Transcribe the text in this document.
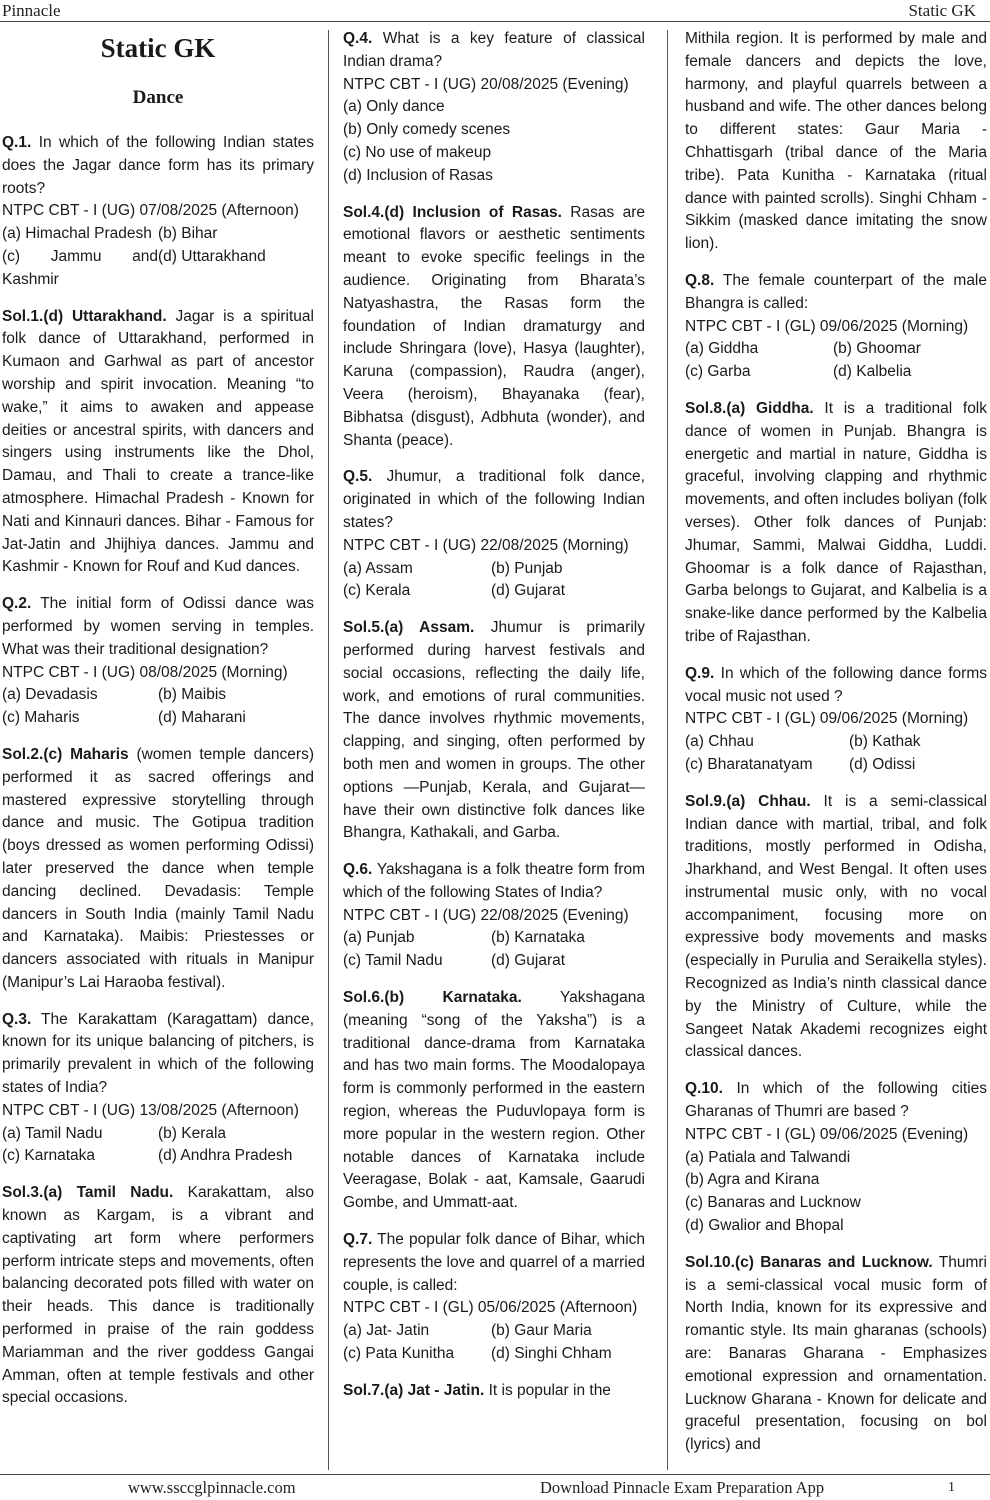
Pinnacle	Static GK
Static GK
Dance

Q.1. In which of the following Indian states does the Jagar dance form has its primary roots?

NTPC CBT - I (UG) 07/08/2025 (Afternoon)

(a) Himachal Pradesh (b) Bihar
(c) Jammu and Kashmir
(d) Uttarakhand

Sol.1.(d) Uttarakhand. Jagar is a spiritual folk dance of Uttarakhand, performed in Kumaon and Garhwal as part of ancestor worship and spirit invocation. Meaning “to wake,” it aims to awaken and appease deities or ancestral spirits, with dancers and singers using instruments like the Dhol, Damau, and Thali to create a trance-like atmosphere. Himachal Pradesh - Known for Nati and Kinnauri dances. Bihar - Famous for Jat-Jatin and Jhijhiya dances. Jammu and Kashmir - Known for Rouf and Kud dances.

Q.2. The initial form of Odissi dance was performed by women serving in temples. What was their traditional designation?

NTPC CBT - I (UG) 08/08/2025 (Morning)

(a) Devadasis	(b) Maibis
(c) Maharis	(d) Maharani

Sol.2.(c) Maharis (women temple dancers) performed it as sacred offerings and mastered expressive storytelling through dance and music. The Gotipua tradition (boys dressed as women performing Odissi) later preserved the dance when temple dancing declined. Devadasis: Temple dancers in South India (mainly Tamil Nadu and Karnataka). Maibis: Priestesses or dancers associated with rituals in Manipur (Manipur’s Lai Haraoba festival).

Q.3. The Karakattam (Karagattam) dance, known for its unique balancing of pitchers, is primarily prevalent in which of the following states of India?

NTPC CBT - I (UG) 13/08/2025 (Afternoon)

(a) Tamil Nadu	(b) Kerala
(c) Karnataka	(d) Andhra Pradesh

Sol.3.(a) Tamil Nadu. Karakattam, also known as Kargam, is a vibrant and captivating art form where performers perform intricate steps and movements, often balancing decorated pots filled with water on their heads. This dance is traditionally performed in praise of the rain goddess Mariamman and the river goddess Gangai Amman, often at temple festivals and other special occasions.

Q.4. What is a key feature of classical Indian drama?

NTPC CBT - I (UG) 20/08/2025 (Evening)

(a) Only dance
(b) Only comedy scenes
(c) No use of makeup
(d) Inclusion of Rasas

Sol.4.(d) Inclusion of Rasas. Rasas are emotional flavors or aesthetic sentiments meant to evoke specific feelings in the audience. Originating from Bharata’s Natyashastra, the Rasas form the foundation of Indian dramaturgy and include Shringara (love), Hasya (laughter), Karuna (compassion), Raudra (anger), Veera (heroism), Bhayanaka (fear), Bibhatsa (disgust), Adbhuta (wonder), and Shanta (peace).

Q.5. Jhumur, a traditional folk dance, originated in which of the following Indian states?

NTPC CBT - I (UG) 22/08/2025 (Morning)

(a) Assam	(b) Punjab
(c) Kerala	(d) Gujarat

Sol.5.(a) Assam. Jhumur is primarily performed during harvest festivals and social occasions, reflecting the daily life, work, and emotions of rural communities. The dance involves rhythmic movements, clapping, and singing, often performed by both men and women in groups. The other options —Punjab, Kerala, and Gujarat—have their own distinctive folk dances like Bhangra, Kathakali, and Garba.

Q.6. Yakshagana is a folk theatre form from which of the following States of India?

NTPC CBT - I (UG) 22/08/2025 (Evening)

(a) Punjab	(b) Karnataka
(c) Tamil Nadu	(d) Gujarat

Sol.6.(b) Karnataka. Yakshagana (meaning “song of the Yaksha”) is a traditional dance-drama from Karnataka and has two main forms. The Moodalopaya form is commonly performed in the eastern region, whereas the Puduvlopaya form is more popular in the western region. Other notable dances of Karnataka include Veeragase, Bolak - aat, Kamsale, Gaarudi Gombe, and Ummatt-aat.

Q.7. The popular folk dance of Bihar, which represents the love and quarrel of a married couple, is called:

NTPC CBT - I (GL) 05/06/2025 (Afternoon)

(a) Jat- Jatin	(b) Gaur Maria
(c) Pata Kunitha	(d) Singhi Chham

Sol.7.(a) Jat - Jatin. It is popular in the

Mithila region. It is performed by male and female dancers and depicts the love, harmony, and playful quarrels between a husband and wife. The other dances belong to different states: Gaur Maria - Chhattisgarh (tribal dance of the Maria tribe). Pata Kunitha - Karnataka (ritual dance with painted scrolls). Singhi Chham - Sikkim (masked dance imitating the snow lion).

Q.8. The female counterpart of the male Bhangra is called:

NTPC CBT - I (GL) 09/06/2025 (Morning)

(a) Giddha	(b) Ghoomar
(c) Garba	(d) Kalbelia

Sol.8.(a) Giddha. It is a traditional folk dance of women in Punjab. Bhangra is energetic and martial in nature, Giddha is graceful, involving clapping and rhythmic movements, and often includes boliyan (folk verses). Other folk dances of Punjab: Jhumar, Sammi, Malwai Giddha, Luddi. Ghoomar is a folk dance of Rajasthan, Garba belongs to Gujarat, and Kalbelia is a snake-like dance performed by the Kalbelia tribe of Rajasthan.

Q.9. In which of the following dance forms vocal music not used ?

NTPC CBT - I (GL) 09/06/2025 (Morning)

(a) Chhau	(b) Kathak
(c) Bharatanatyam	(d) Odissi

Sol.9.(a) Chhau. It is a semi-classical Indian dance with martial, tribal, and folk traditions, mostly performed in Odisha, Jharkhand, and West Bengal. It often uses instrumental music only, with no vocal accompaniment, focusing more on expressive body movements and masks (especially in Purulia and Seraikella styles). Recognized as India’s ninth classical dance by the Ministry of Culture, while the Sangeet Natak Akademi recognizes eight classical dances.

Q.10. In which of the following cities Gharanas of Thumri are based ?

NTPC CBT - I (GL) 09/06/2025 (Evening)

(a) Patiala and Talwandi
(b) Agra and Kirana
(c) Banaras and Lucknow
(d) Gwalior and Bhopal

Sol.10.(c) Banaras and Lucknow. Thumri is a semi-classical vocal music form of North India, known for its expressive and romantic style. Its main gharanas (schools) are: Banaras Gharana - Emphasizes emotional expression and ornamentation. Lucknow Gharana - Known for delicate and graceful presentation, focusing on bol (lyrics) and

www.ssccglpinnacle.com	Download Pinnacle Exam Preparation App	1
